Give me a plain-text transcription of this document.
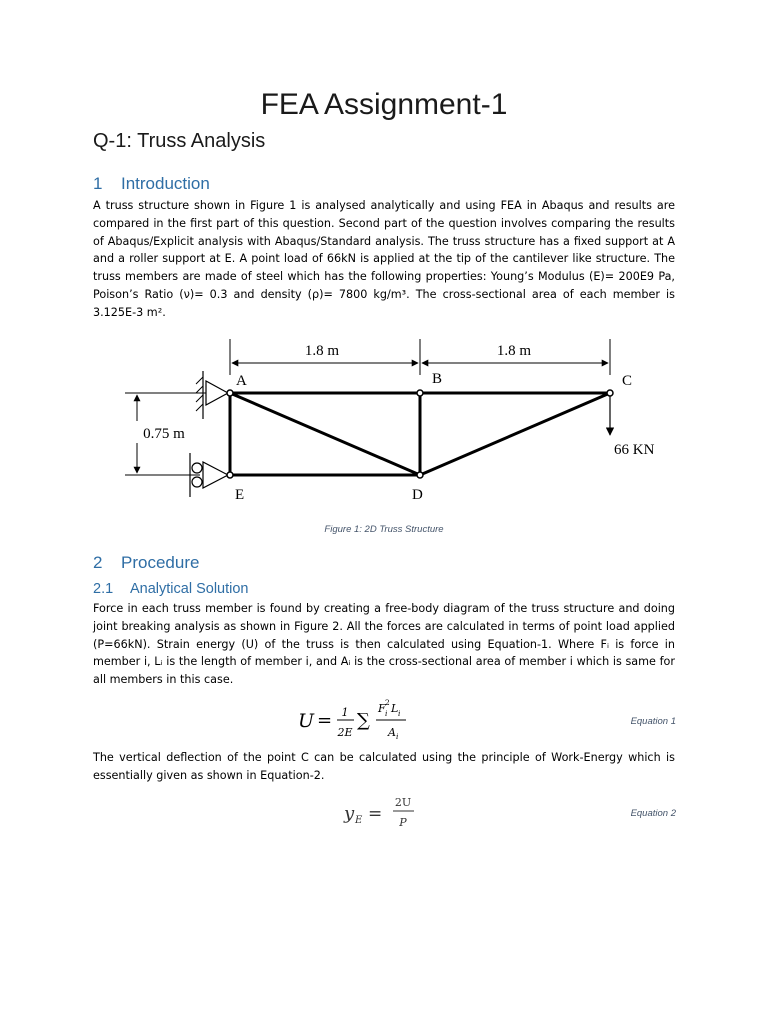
FEA Assignment-1
Q-1: Truss Analysis
1 Introduction
A truss structure shown in Figure 1 is analysed analytically and using FEA in Abaqus and results are compared in the first part of this question. Second part of the question involves comparing the results of Abaqus/Explicit analysis with Abaqus/Standard analysis. The truss structure has a fixed support at A and a roller support at E. A point load of 66kN is applied at the tip of the cantilever like structure. The truss members are made of steel which has the following properties: Young’s Modulus (E)= 200E9 Pa, Poison’s Ratio (ν)= 0.3 and density (ρ)= 7800 kg/m³. The cross-sectional area of each member is 3.125E-3 m².
1.8 m	1.8 m
0.75 m
66 KN
A	B	C
D
E
Figure 1: 2D Truss Structure
2 Procedure
2.1 Analytical Solution
Force in each truss member is found by creating a free-body diagram of the truss structure and doing joint breaking analysis as shown in Figure 2. All the forces are calculated in terms of point load applied (P=66kN). Strain energy (U) of the truss is then calculated using Equation-1. Where Fᵢ is force in member i, Lᵢ is the length of member i, and Aᵢ is the cross-sectional area of member i which is same for all members in this case.
U = 1
2E
∑
F 2
i L i
A i
Equation 1
The vertical deflection of the point C can be calculated using the principle of Work-Energy which is essentially given as shown in Equation-2.
y E =
2U
P
Equation 2
